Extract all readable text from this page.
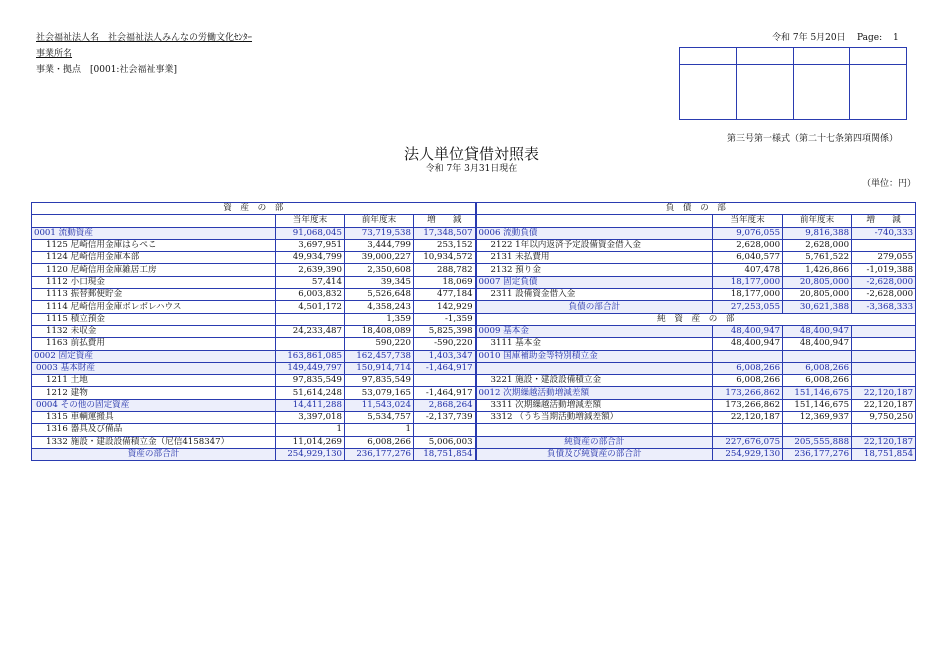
社会福祉法人名　社会福祉法人みんなの労働文化ｾﾝﾀｰ
事業所名
事業・拠点　[0001:社会福祉事業]
令和 7年 5月20日 Page: 1
第三号第一様式（第二十七条第四項関係）
法人単位貸借対照表
令和 7年 3月31日現在
（単位：円）
資　産　の　部				負　債　の　部			
	当年度末	前年度末	増　　減		当年度末	前年度末	増　　減
0001 流動資産	91,068,045	73,719,538	17,348,507	0006 流動負債	9,076,055	9,816,388	-740,333
1125 尼崎信用金庫はらぺこ	3,697,951	3,444,799	253,152	2122 1年以内返済予定設備資金借入金	2,628,000	2,628,000	
1124 尼崎信用金庫本部	49,934,799	39,000,227	10,934,572	2131 未払費用	6,040,577	5,761,522	279,055
1120 尼崎信用金庫雑居工房	2,639,390	2,350,608	288,782	2132 預り金	407,478	1,426,866	-1,019,388
1112 小口現金	57,414	39,345	18,069	0007 固定負債	18,177,000	20,805,000	-2,628,000
1113 振替郵便貯金	6,003,832	5,526,648	477,184	2311 設備資金借入金	18,177,000	20,805,000	-2,628,000
1114 尼崎信用金庫ボレボレハウス	4,501,172	4,358,243	142,929	負債の部合計	27,253,055	30,621,388	-3,368,333
1115 積立預金		1,359	-1,359	純　資　産　の　部			
1132 未収金	24,233,487	18,408,089	5,825,398	0009 基本金	48,400,947	48,400,947	
1163 前払費用		590,220	-590,220	3111 基本金	48,400,947	48,400,947	
0002 固定資産	163,861,085	162,457,738	1,403,347	0010 国庫補助金等特別積立金			
0003 基本財産	149,449,797	150,914,714	-1,464,917		6,008,266	6,008,266	
1211 土地	97,835,549	97,835,549		3221 施設・建設設備積立金	6,008,266	6,008,266	
1212 建物	51,614,248	53,079,165	-1,464,917	0012 次期繰越活動増減差額	173,266,862	151,146,675	22,120,187
0004 その他の固定資産	14,411,288	11,543,024	2,868,264	3311 次期繰越活動増減差額	173,266,862	151,146,675	22,120,187
1315 車輌運搬具	3,397,018	5,534,757	-2,137,739	3312 （うち当期活動増減差額）	22,120,187	12,369,937	9,750,250
1316 器具及び備品	1	1					
1332 施設・建設設備積立金（尼信4158347）	11,014,269	6,008,266	5,006,003	純資産の部合計	227,676,075	205,555,888	22,120,187
資産の部合計	254,929,130	236,177,276	18,751,854	負債及び純資産の部合計	254,929,130	236,177,276	18,751,854
